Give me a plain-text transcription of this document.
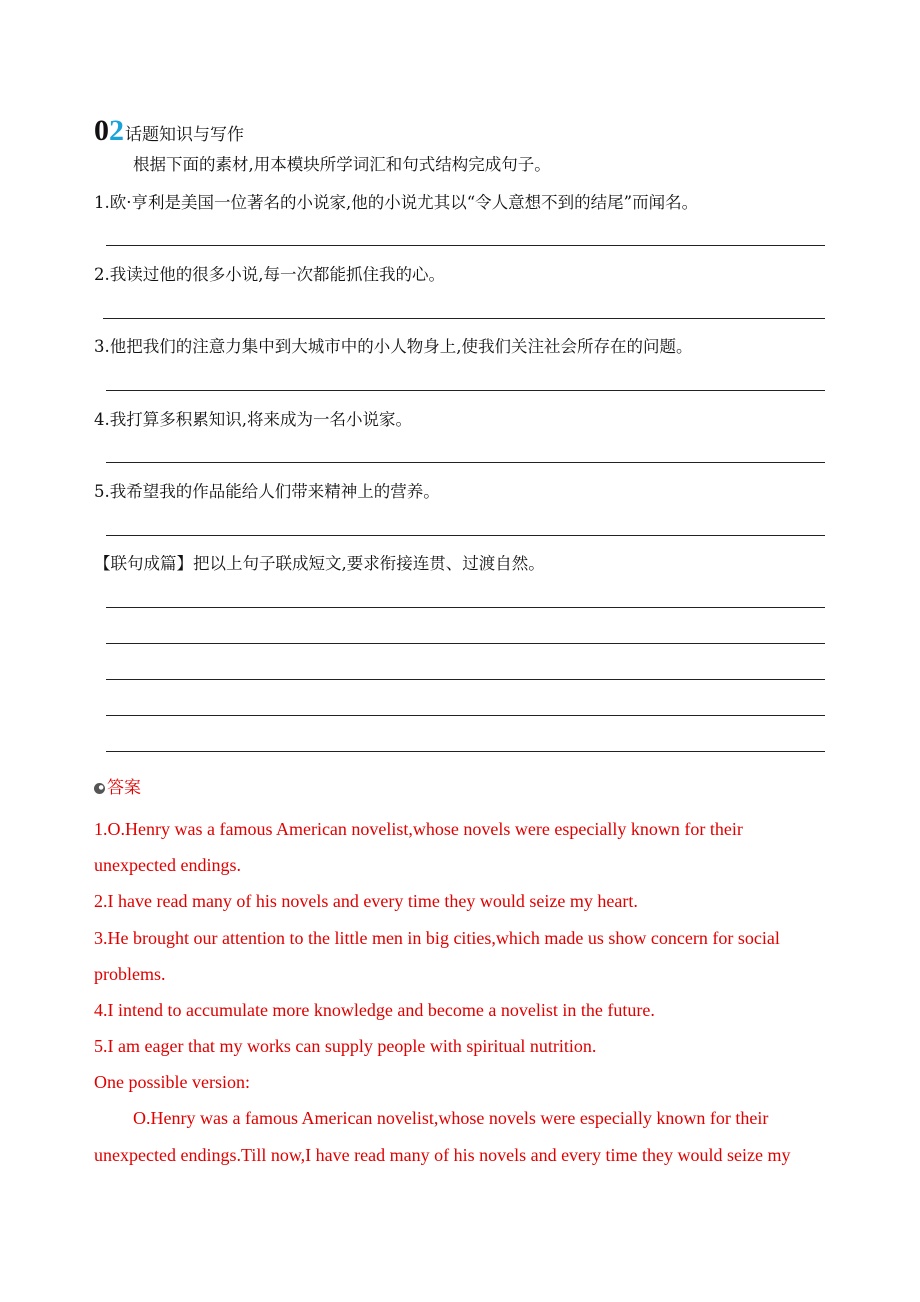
0 2 话题知识与写作
根据下面的素材,用本模块所学词汇和句式结构完成句子。
1.欧·亨利是美国一位著名的小说家,他的小说尤其以“令人意想不到的结尾”而闻名。
2.我读过他的很多小说,每一次都能抓住我的心。
3.他把我们的注意力集中到大城市中的小人物身上,使我们关注社会所存在的问题。
4.我打算多积累知识,将来成为一名小说家。
5.我希望我的作品能给人们带来精神上的营养。
【联句成篇】把以上句子联成短文,要求衔接连贯、过渡自然。
答案
1.O.Henry was a famous American novelist,whose novels were especially known for their
unexpected endings.
2.I have read many of his novels and every time they would seize my heart.
3.He brought our attention to the little men in big cities,which made us show concern for social
problems.
4.I intend to accumulate more knowledge and become a novelist in the future.
5.I am eager that my works can supply people with spiritual nutrition.
One possible version:
O.Henry was a famous American novelist,whose novels were especially known for their
unexpected endings.Till now,I have read many of his novels and every time they would seize my
